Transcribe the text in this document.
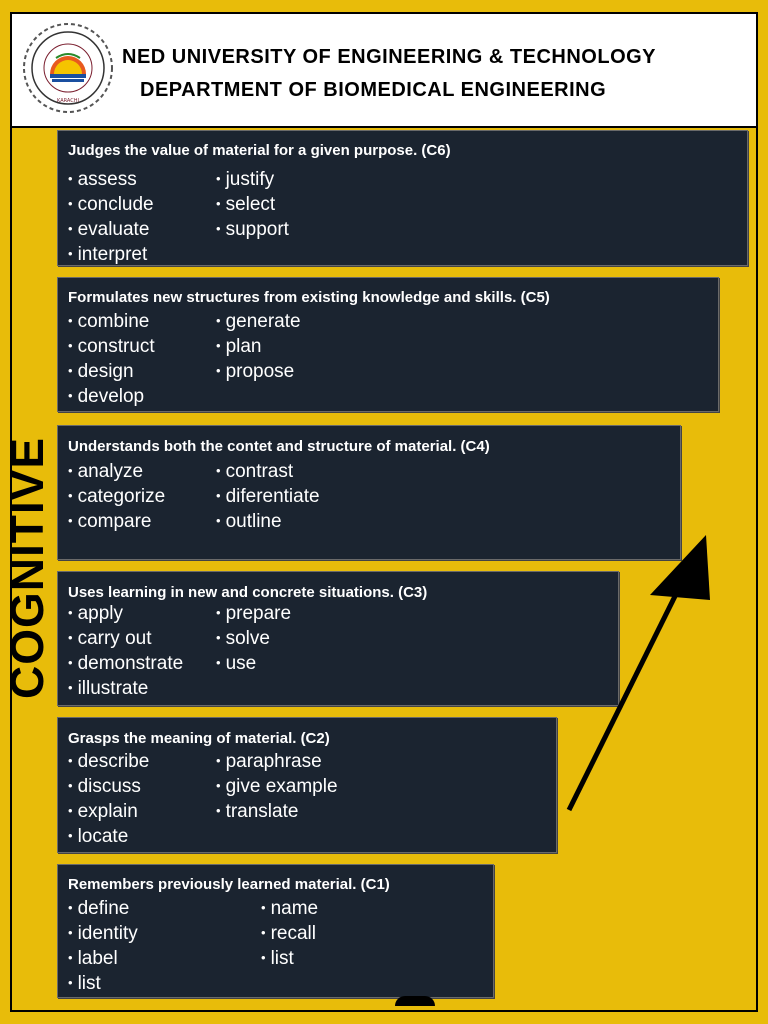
KARACHI
NED UNIVERSITY OF ENGINEERING & TECHNOLOGY
DEPARTMENT OF BIOMEDICAL ENGINEERING
COGNITIVE
Judges the value of material for a given purpose. (C6)
• assess
• conclude
• evaluate
• interpret
• justify
• select
• support
Formulates new structures from existing knowledge and skills. (C5)
• combine
• construct
• design
• develop
• generate
• plan
• propose
Understands both the contet and structure of material. (C4)
• analyze
• categorize
• compare
• contrast
• diferentiate
• outline
Uses learning in new and concrete situations. (C3)
• apply
• carry out
• demonstrate
• illustrate
• prepare
• solve
• use
Grasps the meaning of material. (C2)
• describe
• discuss
• explain
• locate
• paraphrase
• give example
• translate
Remembers previously learned material. (C1)
• define
• identity
• label
• list
• name
• recall
• list
